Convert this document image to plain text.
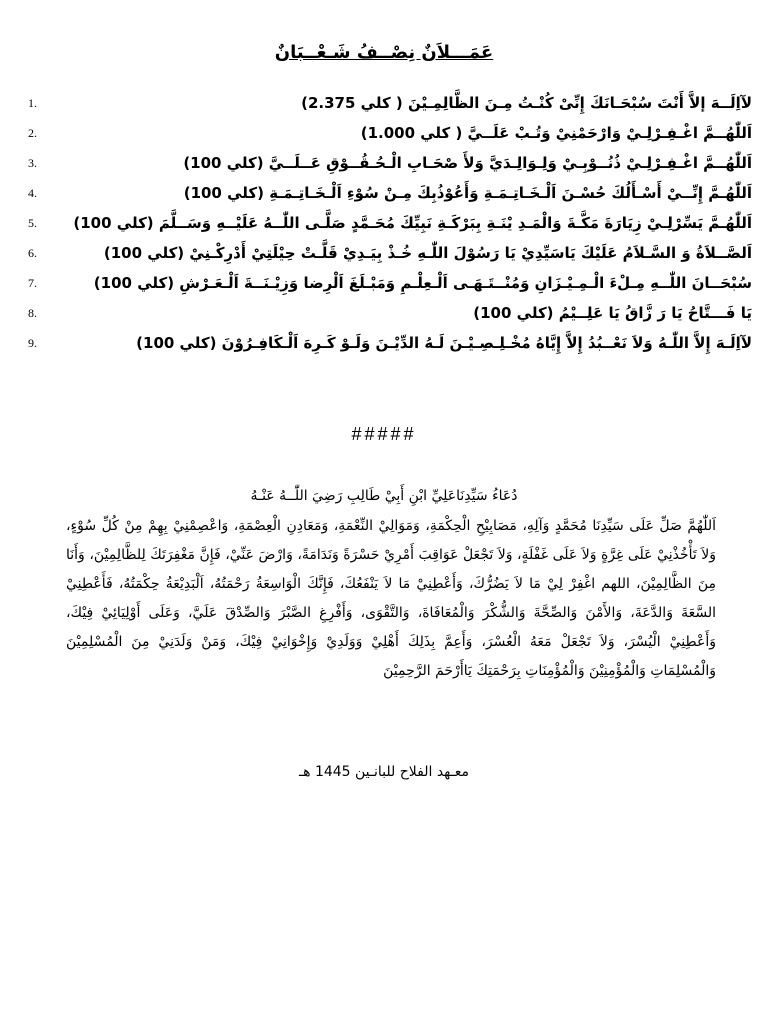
عَمَـــلاَنٌ نِصْــفُ شَـعْــبَانٌ
1.	لآاِلَــهَ إلاَّ أَنْتَ سُبْحَـانَكَ إِنِّىْ كُنْـتُ مِـنَ الظَّالِمِـيْنَ ( كلي 2.375)
2.	اَللّٰهُــمَّ اغْـفِـرْلِـيْ وَارْحَمْنِيْ وَتُـبْ عَلَــيَّ ( كلي 1.000)
3.	اَللّٰهُــمَّ اغْـفِـرْلِـيْ ذُنُــوْبِـيْ وَلِـوَالِـدَيَّ وَلأَ صْحَـابِ الْـحُـقُــوْقِ عَــلَــيَّ (كلي 100)
4.	اَللّٰهُـمَّ إِنِّــيْ أَسْـأَلُكَ حُسْـنَ اَلْـخَـاتِـمَـةِ وَأَعُوْذُبِكَ مِـنْ سُوْءِ اَلْـخَـاتِـمَـةِ (كلي 100)
5. اَللّٰهُـمَّ يَسِّرْلِـيْ زِيَارَةَ مَكَّـةَ وَالْمَـدِ يْنَـةِ بِبَرْكَـةِ نَبِيِّكَ مُحَـمَّدٍ صَلَّـى اللّٰــهُ عَلَيْــهِ وَسَــلَّمَ (كلي 100)
6.	اَلصَّــلاَةُ وَ السَّـلاَمُ عَلَيْكَ يَاسَيِّدِيْ يَا رَسُوْلَ اللّٰـهِ خُـذْ بِيَـدِيْ قَلَّـتْ حِيْلَتِيْ أَدْرِكْـنِيْ (كلي 100)
7.	سُبْحَــانَ اللّٰــهِ مِـلْءَ الْـمِـيْـزَانِ وَمُنْــتَـهَـى اَلْـعِلْـمِ وَمَبْـلَغَ اَلْرِضا وَزِيْـنَــةَ اَلْـعَـرْشِ (كلي 100)
8.	يَا فَـــتَّاحُ يَا رَ زَّاقُ يَا عَلِــيْمُ (كلي 100)
9.	لآاِلَـهَ إِلاَّ اللّٰـهُ وَلاَ نَعْــبُدُ إِلاَّ إِيَّاهُ مُخْـلِـصِـيْـنَ لَـهُ الدِّيْـنَ وَلَـوْ كَـرِهَ اَلْـكَافِـرُوْنَ (كلي 100)
#####
دُعَاءُ سَيِّدِنَاعَلِيِّ ابْنِ أَبِيْ طَالِبِ رَضِيَ اللّٰــهُ عَنْـهُ
اَللّٰهُمَّ صَلِّ عَلَى سَيِّدِنَا مُحَمَّدٍ وَآلِهِ، مَصَابِيْحِ الْحِكْمَةِ، وَمَوَالِيْ النِّعْمَةِ، وَمَعَادِنِ الْعِصْمَةِ، وَاعْصِمْنِيْ بِهِمْ مِنْ كُلِّ سُوْءٍ، وَلاَ تَأْخُذْنِيْ عَلَى غِرَّةٍ وَلاَ عَلَى غَفْلَةٍ، وَلاَ تَجْعَلْ عَوَاقِبَ أَمْرِيْ حَسْرَةً وَنَدَامَةً، وَارْضَ عَنِّيْ، فَإِنَّ مَغْفِرَتَكَ لِلظَّالِمِيْنَ، وَأَنَا مِنَ الظَّالِمِيْنَ، اللهم اغْفِرْ لِيْ مَا لاَ يَضُرُّكَ، وَأَعْطِنِيْ مَا لاَ يَنْفَعُكَ، فَإِنَّكَ الْوَاسِعَةُ رَحْمَتُهُ، اَلْبَدِيْعَةُ حِكْمَتُهُ، فَأَعْطِنِيْ السَّعَةَ وَالدَّعَةَ، وَالأَمْنَ وَالصِّحَّةَ وَالشُّكْرَ وَالْمُعَافَاةَ، وَالتَّقْوَى، وَأَفْرِغِ الصَّبْرَ وَالصِّدْقَ عَلَيَّ، وَعَلَى أَوْلِيَائِيْ فِيْكَ، وَأَعْطِنِيْ الْيُسْرَ، وَلاَ تَجْعَلْ مَعَهُ الْعُسْرَ، وَأَعِمَّ بِذَلِكَ أَهْلِيْ وَوَلَدِيْ وَإِخْوَانِيْ فِيْكَ، وَمَنْ وَلَدَنِيْ مِنَ الْمُسْلِمِيْنَ وَالْمُسْلِمَاتِ وَالْمُؤْمِنِيْنَ وَالْمُؤْمِنَاتِ بِرَحْمَتِكَ يَاأَرْحَمَ الرَّحِمِيْنَ
معـهد الفلاح للبانـين 1445 هـ
